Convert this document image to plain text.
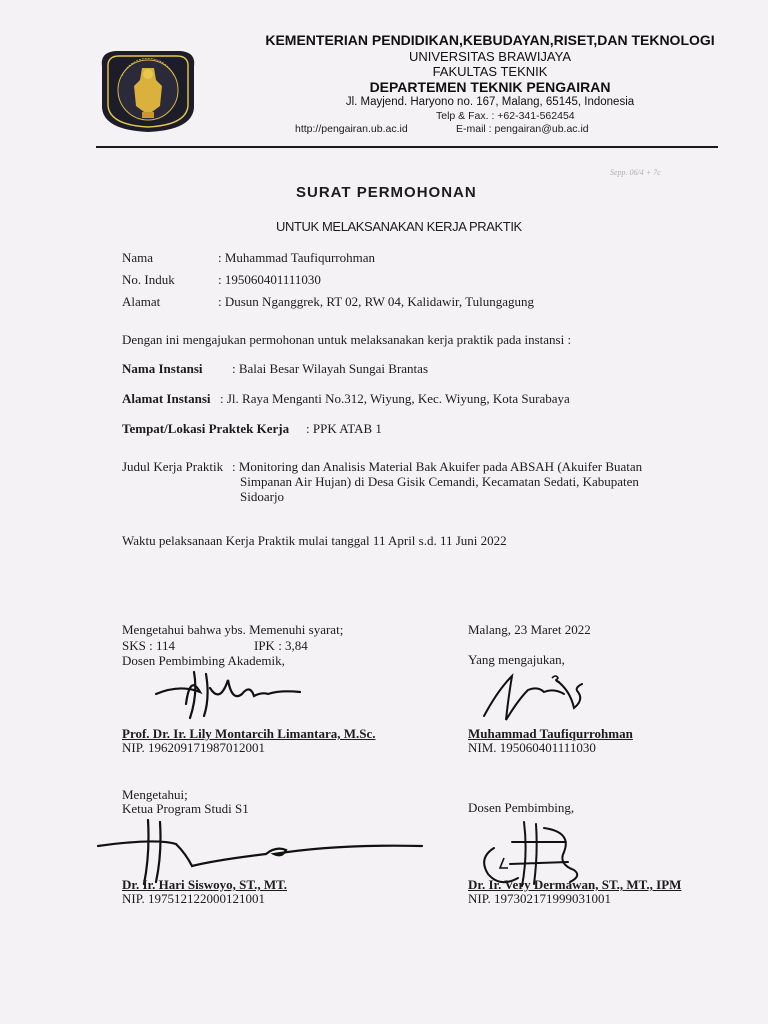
KEMENTERIAN PENDIDIKAN,KEBUDAYAN,RISET,DAN TEKNOLOGI
UNIVERSITAS BRAWIJAYA
FAKULTAS TEKNIK
DEPARTEMEN TEKNIK PENGAIRAN
Jl. Mayjend. Haryono no. 167, Malang, 65145, Indonesia
Telp & Fax. : +62-341-562454
http://pengairan.ub.ac.id	E-mail : pengairan@ub.ac.id
Sepp. 06/4 + 7c
SURAT PERMOHONAN
UNTUK MELAKSANAKAN KERJA PRAKTIK
Nama	: Muhammad Taufiqurrohman
No. Induk	: 195060401111030
Alamat	: Dusun Nganggrek, RT 02, RW 04, Kalidawir, Tulungagung
Dengan ini mengajukan permohonan untuk melaksanakan kerja praktik pada instansi :
Nama Instansi : Balai Besar Wilayah Sungai Brantas
Alamat Instansi : Jl. Raya Menganti No.312, Wiyung, Kec. Wiyung, Kota Surabaya
Tempat/Lokasi Praktek Kerja : PPK ATAB 1
Judul Kerja Praktik : Monitoring dan Analisis Material Bak Akuifer pada ABSAH (Akuifer Buatan
Simpanan Air Hujan) di Desa Gisik Cemandi, Kecamatan Sedati, Kabupaten
Sidoarjo
Waktu pelaksanaan Kerja Praktik mulai tanggal 11 April s.d. 11 Juni 2022
Mengetahui bahwa ybs. Memenuhi syarat;
SKS : 114	IPK : 3,84
Dosen Pembimbing Akademik,
Prof. Dr. Ir. Lily Montarcih Limantara, M.Sc.
NIP. 196209171987012001
Malang, 23 Maret 2022
Yang mengajukan,
Muhammad Taufiqurrohman
NIM. 195060401111030
Mengetahui;
Ketua Program Studi S1
Dr. Ir. Hari Siswoyo, ST., MT.
NIP. 197512122000121001
Dosen Pembimbing,
Dr. Ir. Very Dermawan, ST., MT., IPM
NIP. 197302171999031001
